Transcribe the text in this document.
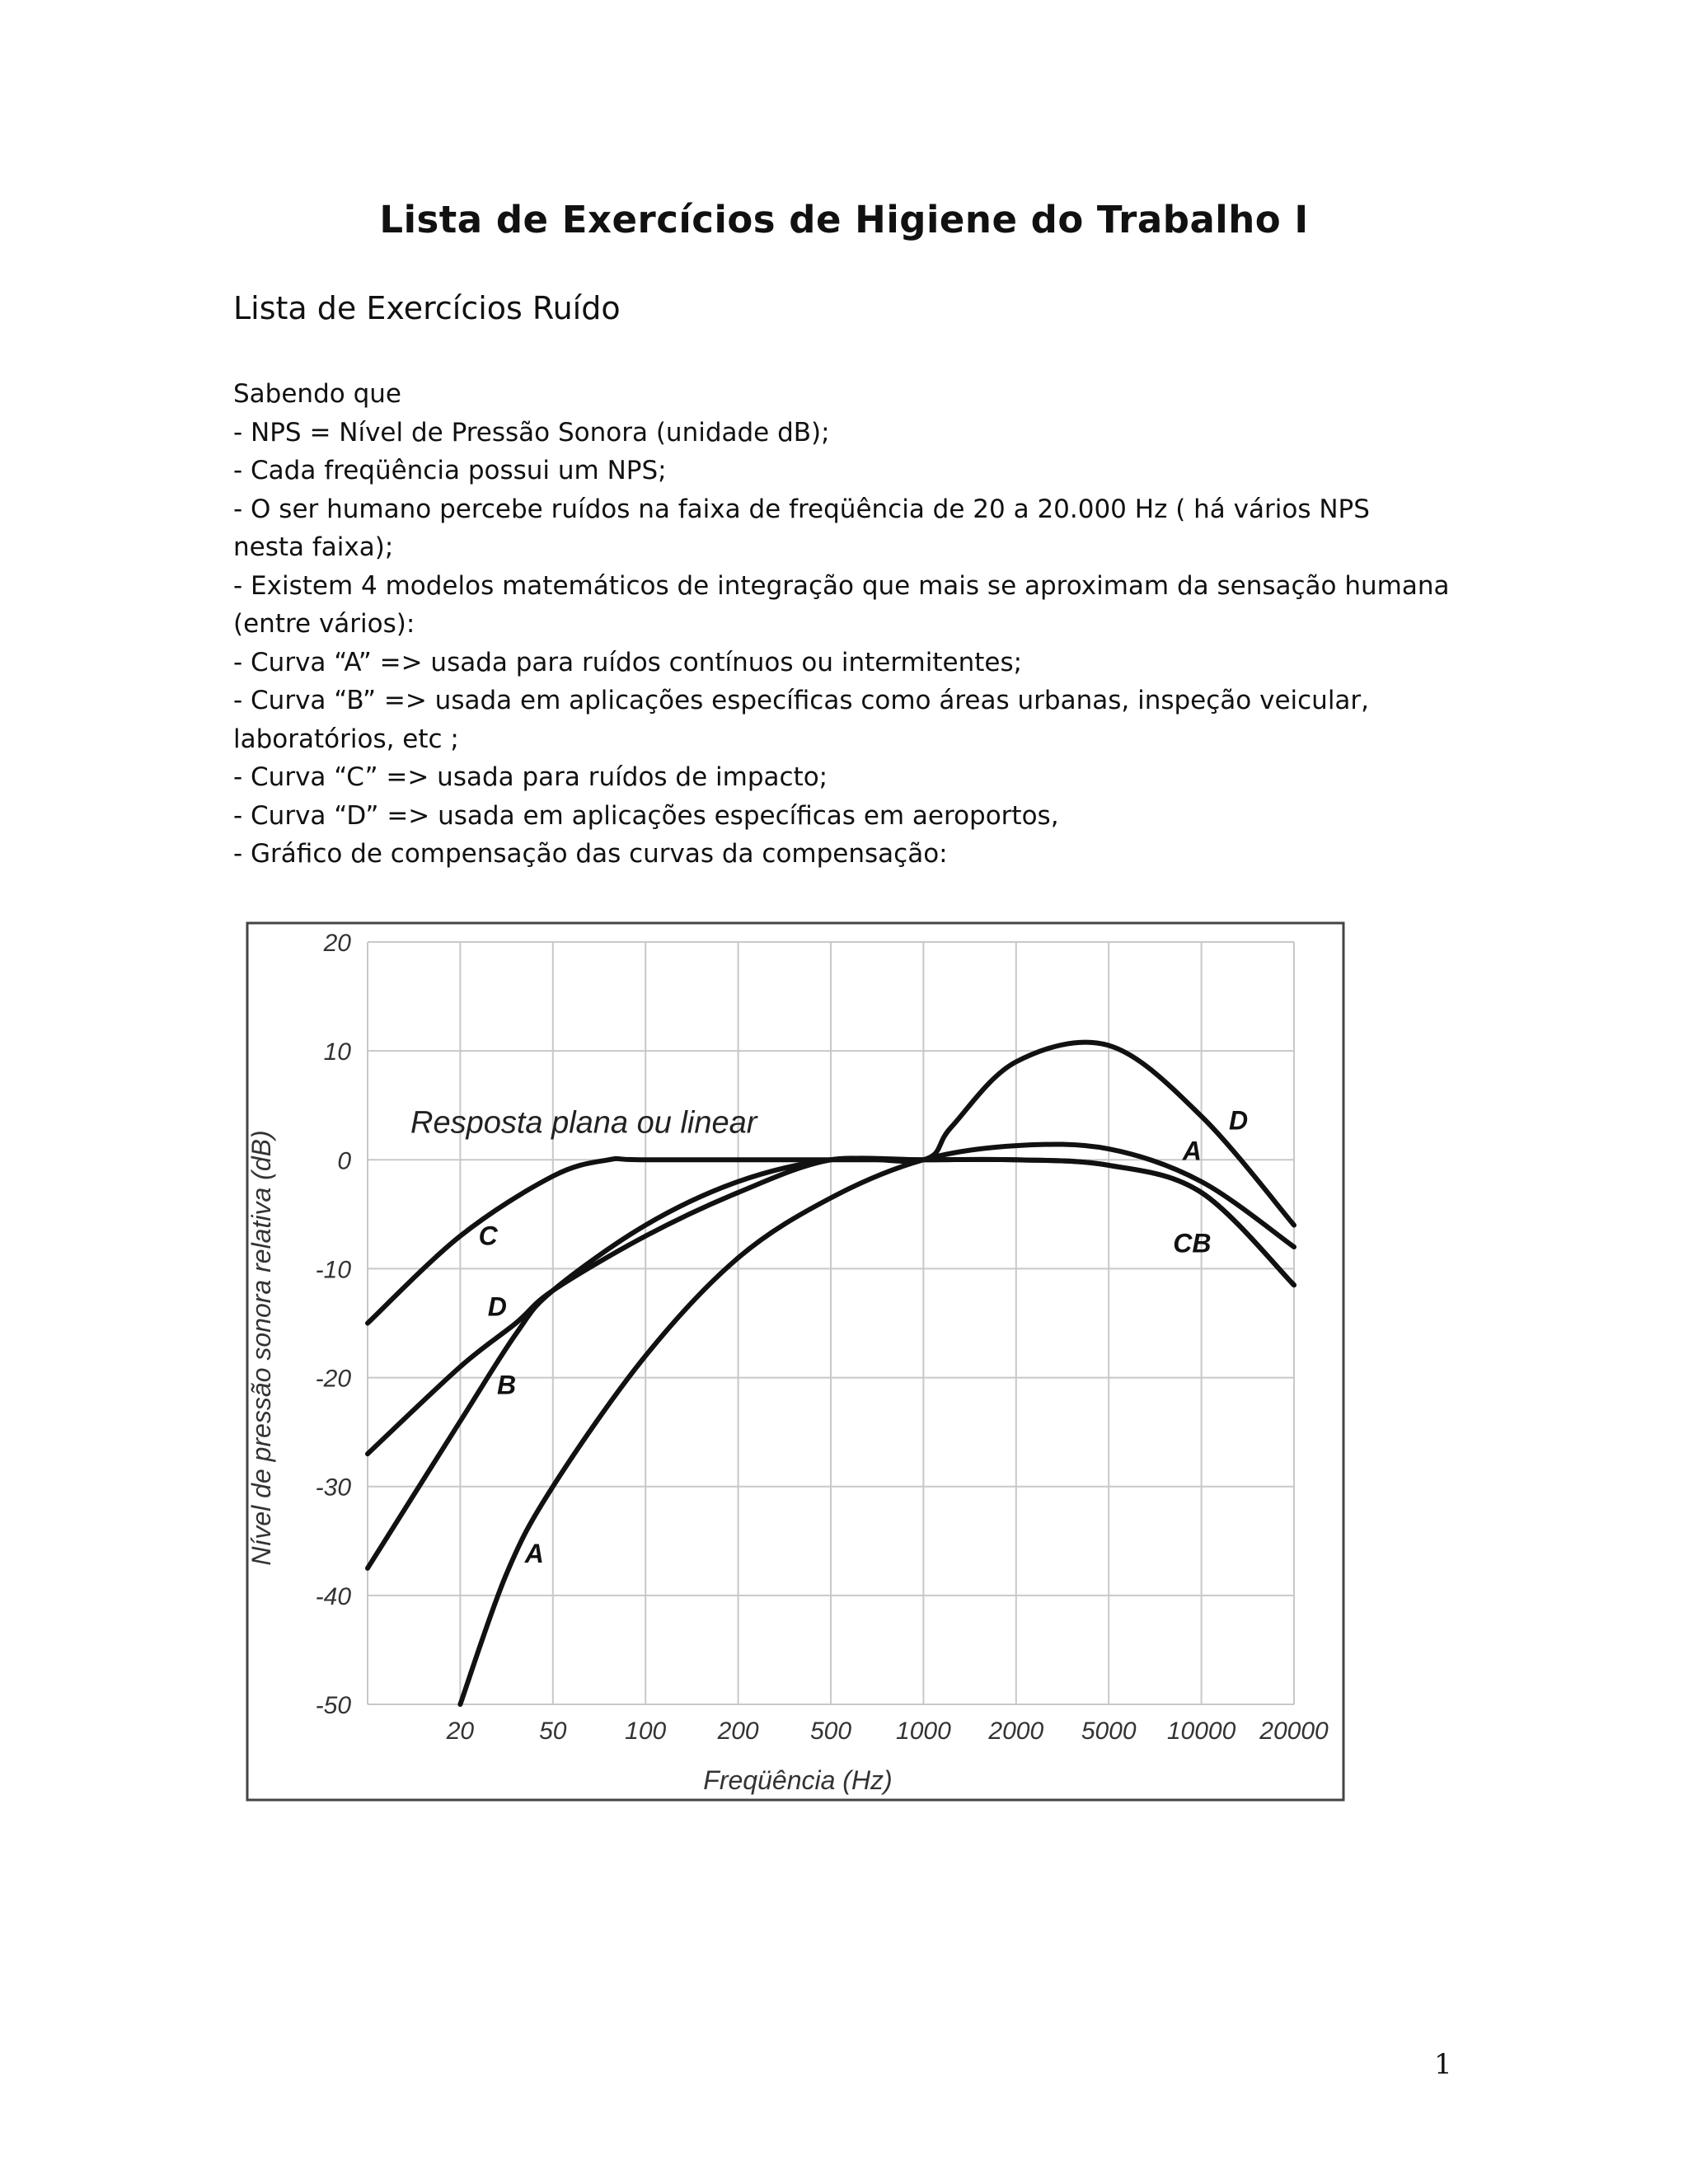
Lista de Exercícios de Higiene do Trabalho I
Lista de Exercícios Ruído

Sabendo que

- NPS = Nível de Pressão Sonora (unidade dB);

- Cada freqüência possui um NPS;

- O ser humano percebe ruídos na faixa de freqüência de 20 a 20.000 Hz ( há vários NPS

nesta faixa);

- Existem 4 modelos matemáticos de integração que mais se aproximam da sensação humana

(entre vários):

- Curva “A” => usada para ruídos contínuos ou intermitentes;

- Curva “B” => usada em aplicações específicas como áreas urbanas, inspeção veicular,

laboratórios, etc ;

- Curva “C” => usada para ruídos de impacto;

- Curva “D” => usada em aplicações específicas em aeroportos,

- Gráfico de compensação das curvas da compensação:

20
10
0
-10
-20
-30
-40
-50
20	50 100 200 500 1000 2000 5000 10000 20000
Freqüência (Hz)
Nível de pressão sonora relativa (dB)
Resposta plana ou linear
C
D
B
A
D
A
CB
1
